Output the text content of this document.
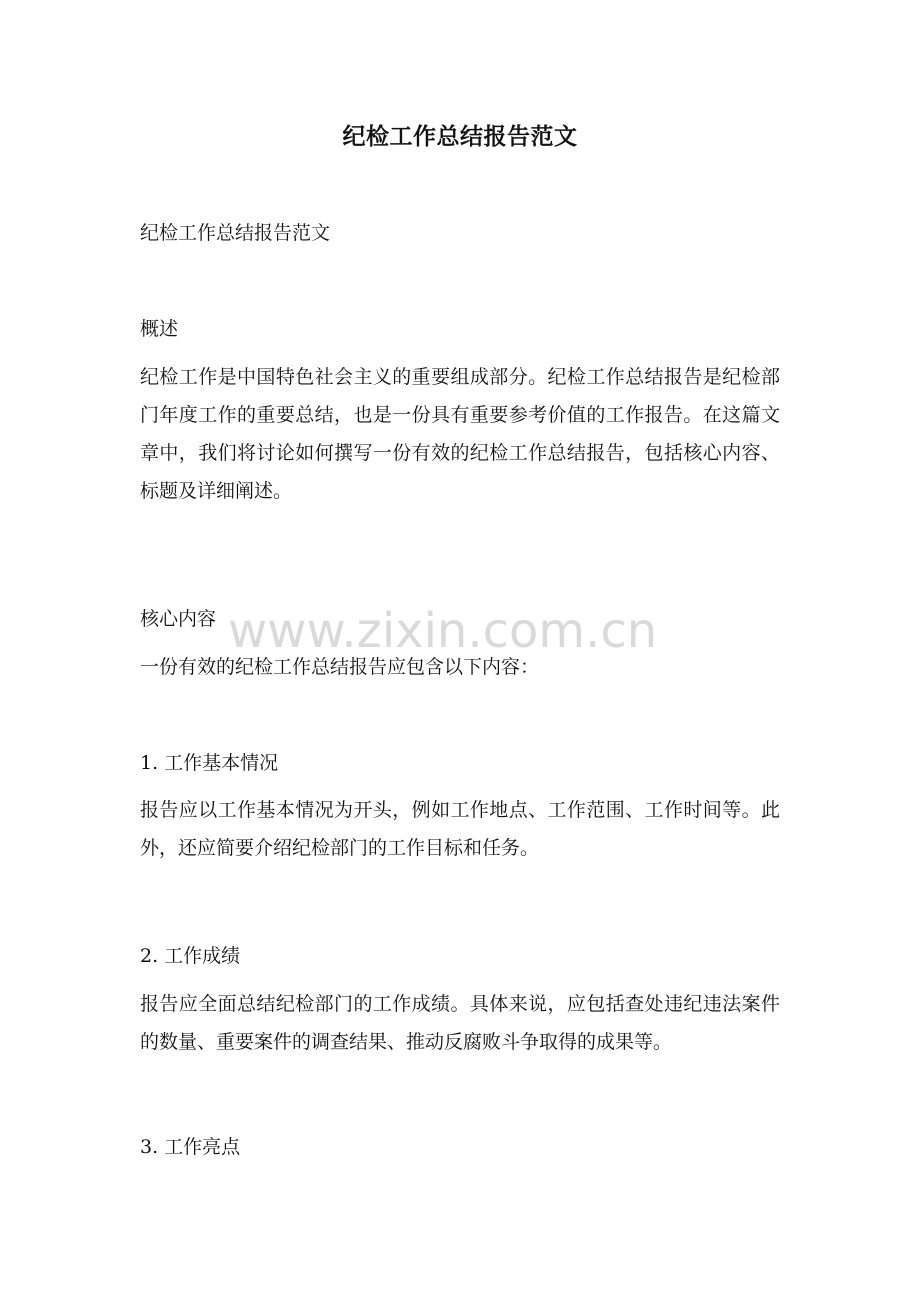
纪检工作总结报告范文
纪检工作总结报告范文
概述
纪检工作是中国特色社会主义的重要组成部分。纪检工作总结报告是纪检部门年度工作的重要总结，也是一份具有重要参考价值的工作报告。在这篇文章中，我们将讨论如何撰写一份有效的纪检工作总结报告，包括核心内容、标题及详细阐述。
核心内容
一份有效的纪检工作总结报告应包含以下内容：
1. 工作基本情况
报告应以工作基本情况为开头，例如工作地点、工作范围、工作时间等。此外，还应简要介绍纪检部门的工作目标和任务。
2. 工作成绩
报告应全面总结纪检部门的工作成绩。具体来说，应包括查处违纪违法案件的数量、重要案件的调查结果、推动反腐败斗争取得的成果等。
3. 工作亮点
www.zixin.com.cn
